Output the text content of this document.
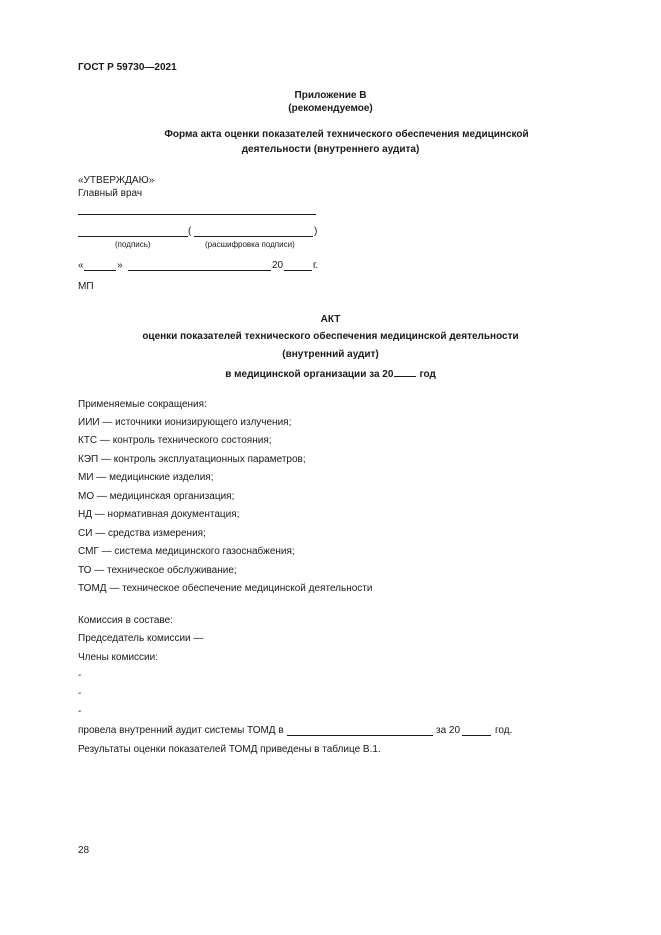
ГОСТ Р 59730—2021
Приложение В
(рекомендуемое)
Форма акта оценки показателей технического обеспечения медицинской
деятельности (внутреннего аудита)
«УТВЕРЖДАЮ»
Главный врач
(	)
(подпись)	(расшифровка подписи)
«	»	20	г.
МП
АКТ
оценки показателей технического обеспечения медицинской деятельности
(внутренний аудит)
в медицинской организации за 20	год
Применяемые сокращения:
ИИИ — источники ионизирующего излучения;
КТС — контроль технического состояния;
КЭП — контроль эксплуатационных параметров;
МИ — медицинские изделия;
МО — медицинская организация;
НД — нормативная документация;
СИ — средства измерения;
СМГ — система медицинского газоснабжения;
ТО — техническое обслуживание;
ТОМД — техническое обеспечение медицинской деятельности
Комиссия в составе:
Председатель комиссии —
Члены комиссии:
-
-
-
провела внутренний аудит системы ТОМД в	за 20	год.
Результаты оценки показателей ТОМД приведены в таблице В.1.
28
